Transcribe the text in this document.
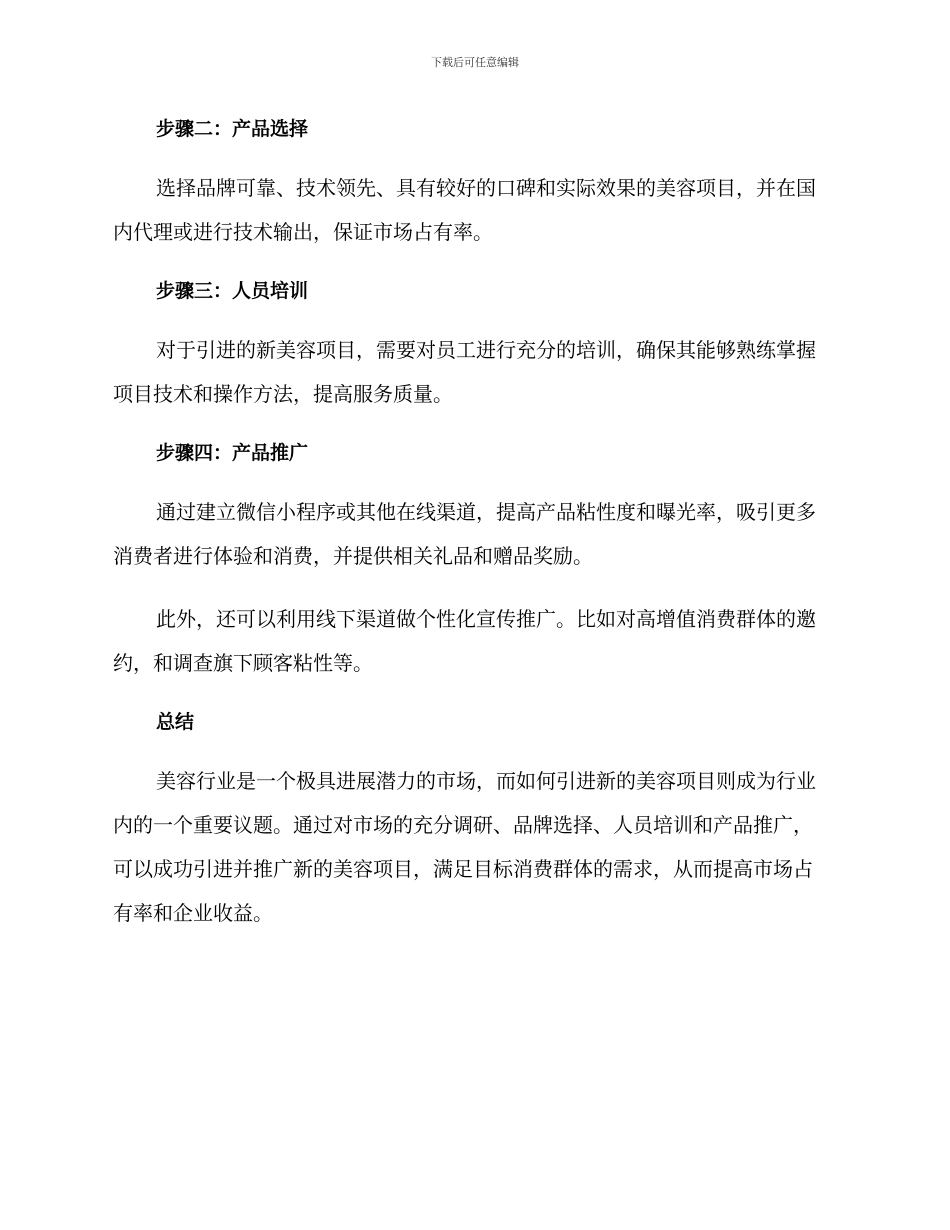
下载后可任意编辑
步骤二：产品选择

选择品牌可靠、技术领先、具有较好的口碑和实际效果的美容项目，并在国内代理或进行技术输出，保证市场占有率。

步骤三：人员培训

对于引进的新美容项目，需要对员工进行充分的培训，确保其能够熟练掌握项目技术和操作方法，提高服务质量。

步骤四：产品推广

通过建立微信小程序或其他在线渠道，提高产品粘性度和曝光率，吸引更多消费者进行体验和消费，并提供相关礼品和赠品奖励。

此外，还可以利用线下渠道做个性化宣传推广。比如对高增值消费群体的邀约，和调查旗下顾客粘性等。

总结

美容行业是一个极具进展潜力的市场，而如何引进新的美容项目则成为行业内的一个重要议题。通过对市场的充分调研、品牌选择、人员培训和产品推广，可以成功引进并推广新的美容项目，满足目标消费群体的需求，从而提高市场占有率和企业收益。
